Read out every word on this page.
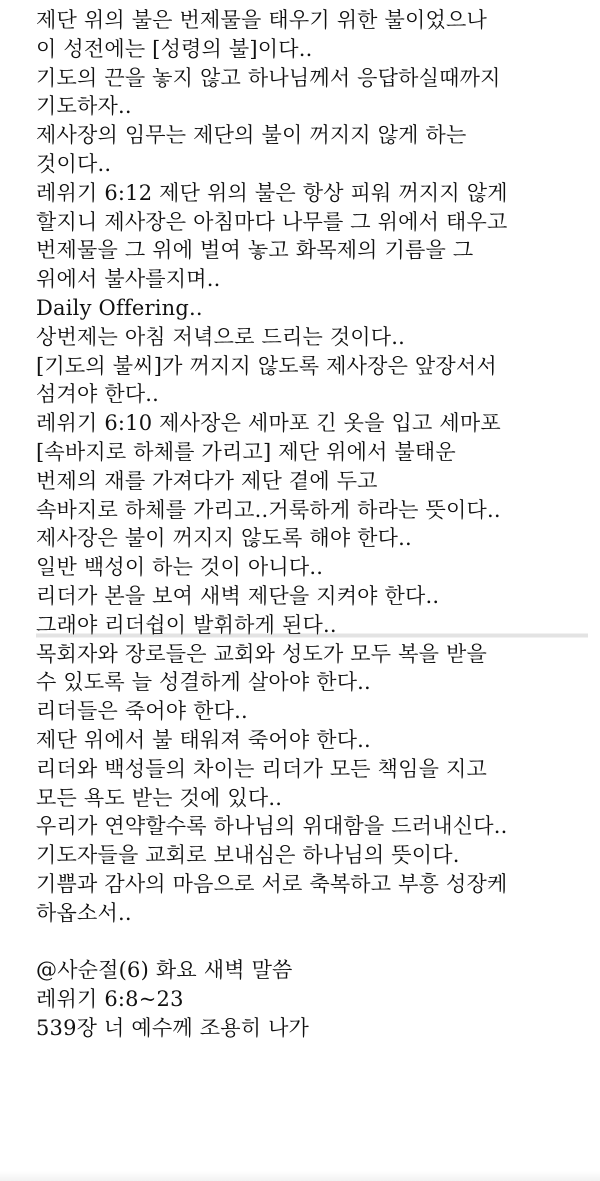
제단 위의 불은 번제물을 태우기 위한 불이었으나
이 성전에는 [성령의 불]이다..
기도의 끈을 놓지 않고 하나님께서 응답하실때까지
기도하자..
제사장의 임무는 제단의 불이 꺼지지 않게 하는
것이다..
레위기 6:12 제단 위의 불은 항상 피워 꺼지지 않게
할지니 제사장은 아침마다 나무를 그 위에서 태우고
번제물을 그 위에 벌여 놓고 화목제의 기름을 그
위에서 불사를지며..
Daily Offering..
상번제는 아침 저녁으로 드리는 것이다..
[기도의 불씨]가 꺼지지 않도록 제사장은 앞장서서
섬겨야 한다..
레위기 6:10 제사장은 세마포 긴 옷을 입고 세마포
[속바지로 하체를 가리고] 제단 위에서 불태운
번제의 재를 가져다가 제단 곁에 두고
속바지로 하체를 가리고..거룩하게 하라는 뜻이다..
제사장은 불이 꺼지지 않도록 해야 한다..
일반 백성이 하는 것이 아니다..
리더가 본을 보여 새벽 제단을 지켜야 한다..
그래야 리더쉽이 발휘하게 된다..
목회자와 장로들은 교회와 성도가 모두 복을 받을
수 있도록 늘 성결하게 살아야 한다..
리더들은 죽어야 한다..
제단 위에서 불 태워져 죽어야 한다..
리더와 백성들의 차이는 리더가 모든 책임을 지고
모든 욕도 받는 것에 있다..
우리가 연약할수록 하나님의 위대함을 드러내신다..
기도자들을 교회로 보내심은 하나님의 뜻이다.
기쁨과 감사의 마음으로 서로 축복하고 부흥 성장케
하옵소서..
@사순절(6) 화요 새벽 말씀
레위기 6:8~23
539장 너 예수께 조용히 나가
